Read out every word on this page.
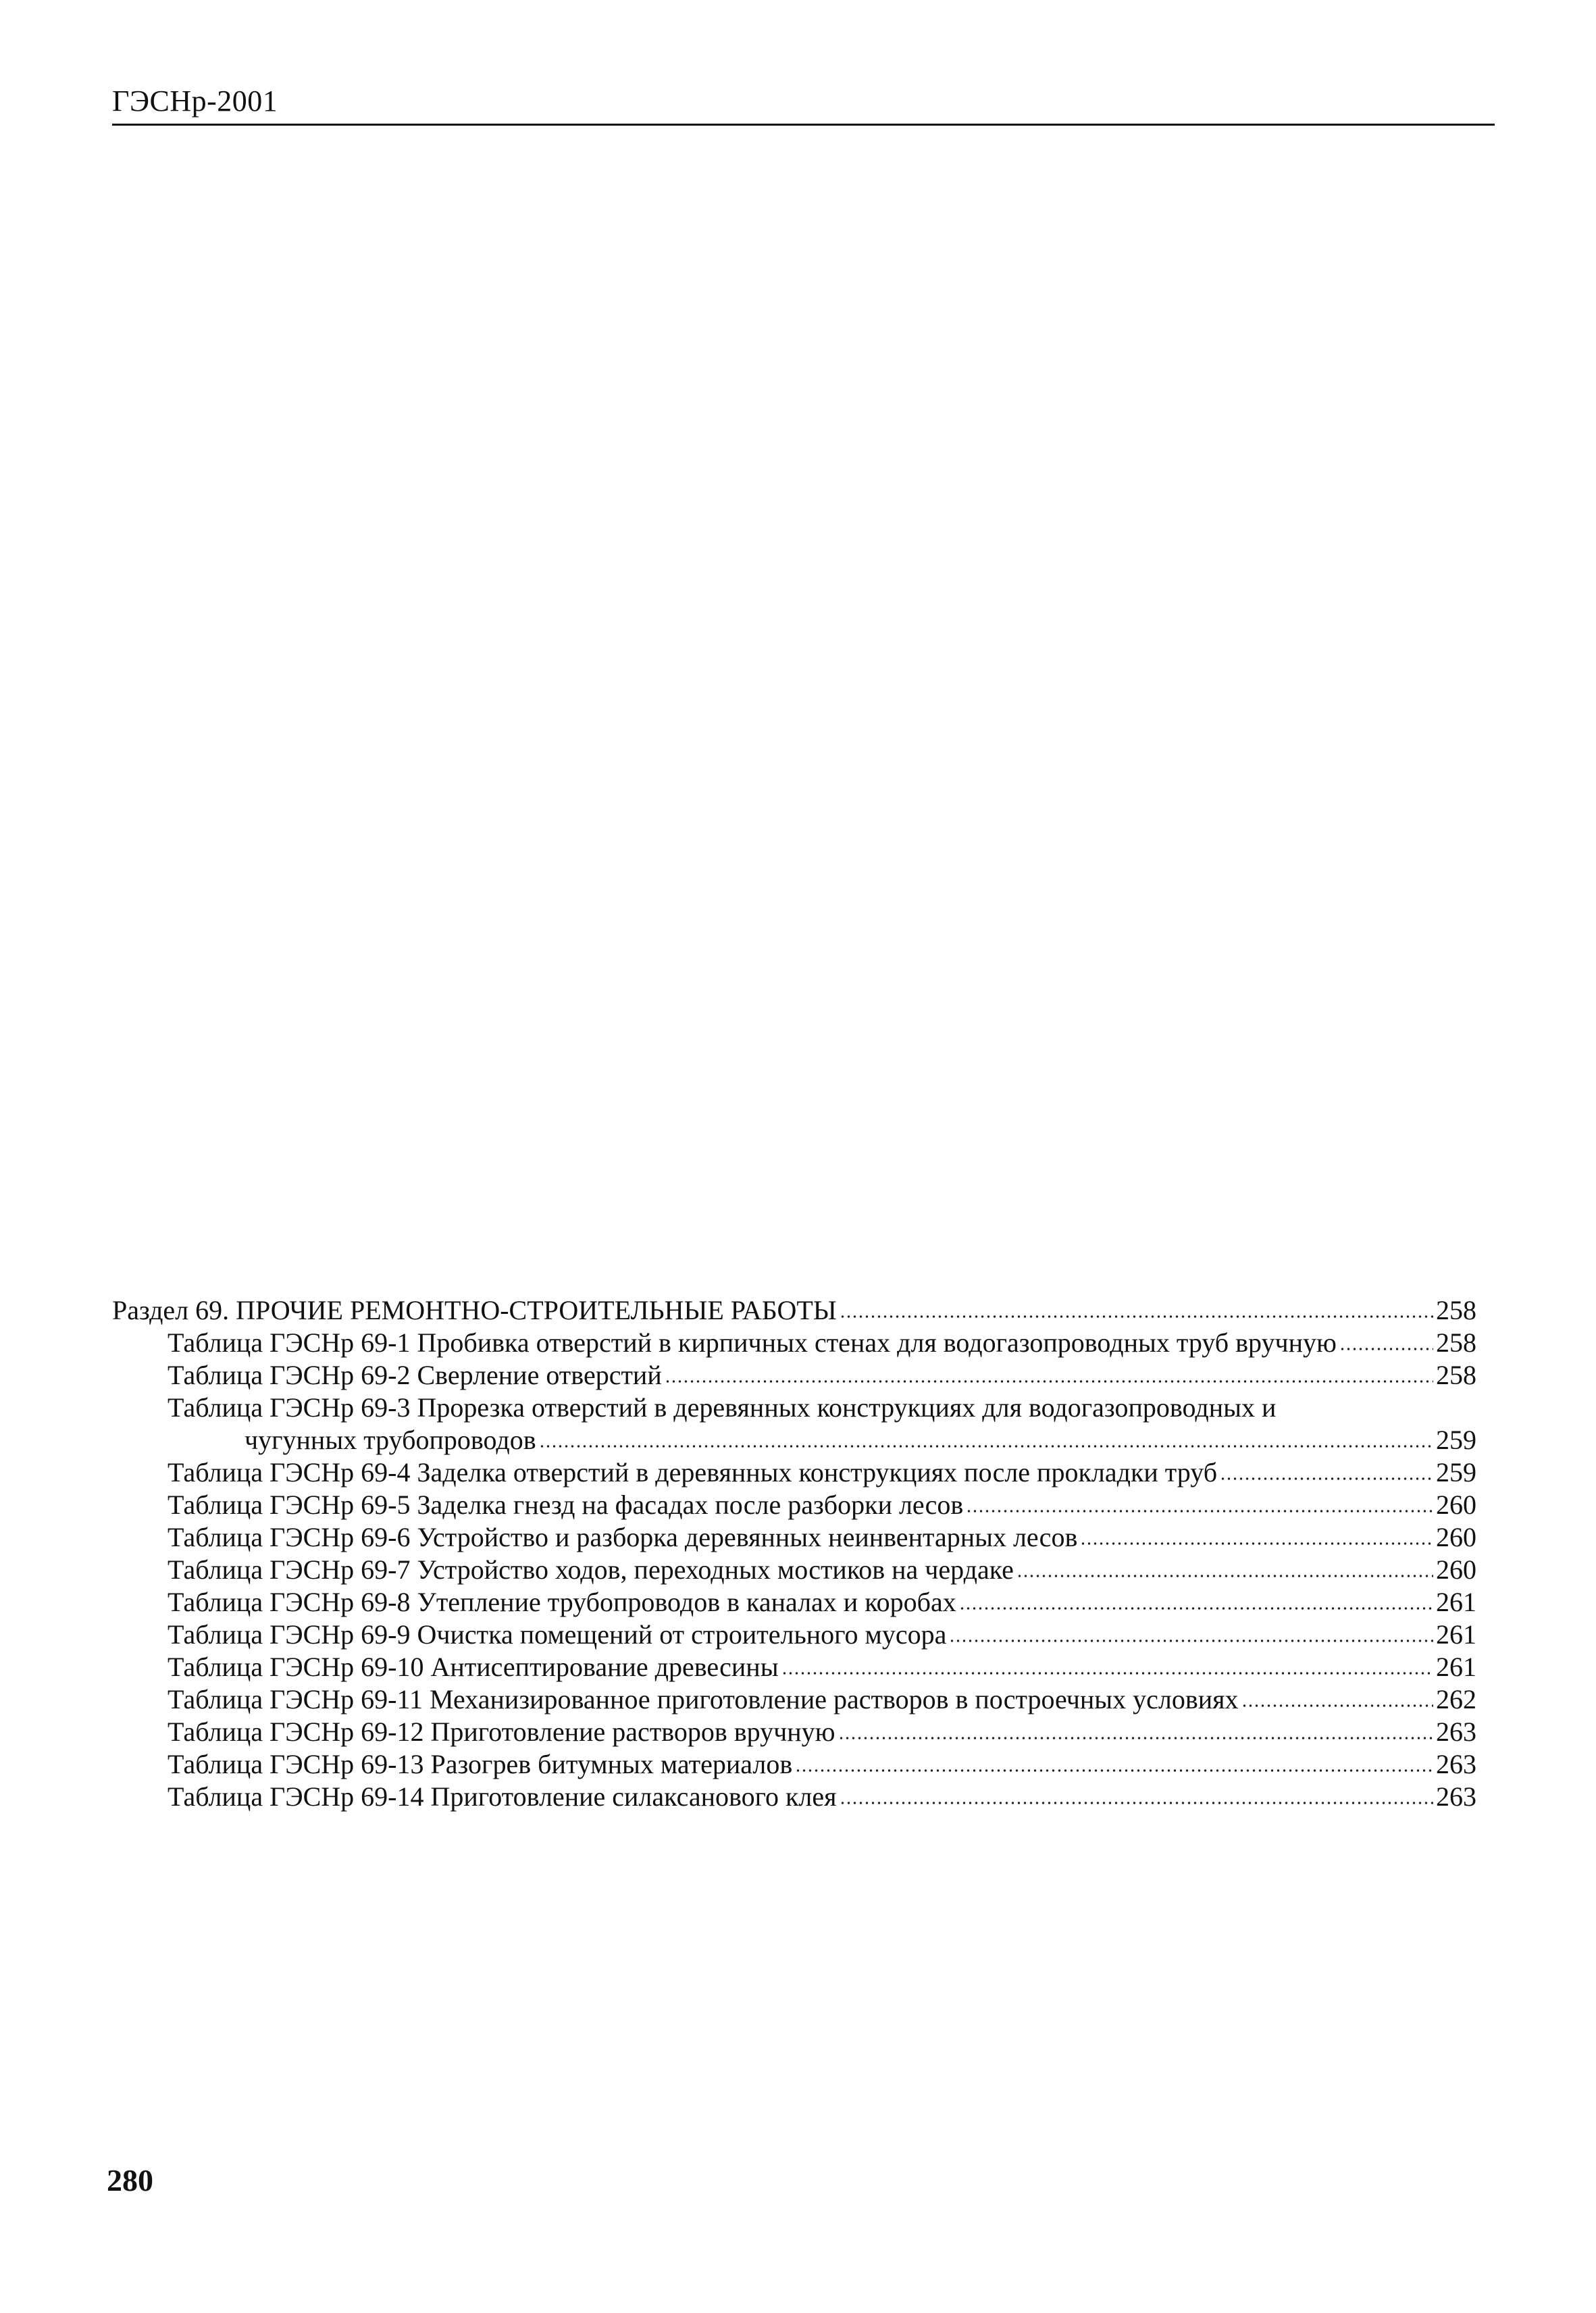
ГЭСНр-2001
Раздел 69. ПРОЧИЕ РЕМОНТНО-СТРОИТЕЛЬНЫЕ РАБОТЫ	258
Таблица ГЭСНр 69-1 Пробивка отверстий в кирпичных стенах для водогазопроводных труб вручную	258
Таблица ГЭСНр 69-2 Сверление отверстий	258
Таблица ГЭСНр 69-3 Прорезка отверстий в деревянных конструкциях для водогазопроводных и
чугунных трубопроводов	259
Таблица ГЭСНр 69-4 Заделка отверстий в деревянных конструкциях после прокладки труб	259
Таблица ГЭСНр 69-5 Заделка гнезд на фасадах после разборки лесов	260
Таблица ГЭСНр 69-6 Устройство и разборка деревянных неинвентарных лесов	260
Таблица ГЭСНр 69-7 Устройство ходов, переходных мостиков на чердаке	260
Таблица ГЭСНр 69-8 Утепление трубопроводов в каналах и коробах	261
Таблица ГЭСНр 69-9 Очистка помещений от строительного мусора	261
Таблица ГЭСНр 69-10 Антисептирование древесины	261
Таблица ГЭСНр 69-11 Механизированное приготовление растворов в построечных условиях	262
Таблица ГЭСНр 69-12 Приготовление растворов вручную	263
Таблица ГЭСНр 69-13 Разогрев битумных материалов	263
Таблица ГЭСНр 69-14 Приготовление силаксанового клея	263
280
